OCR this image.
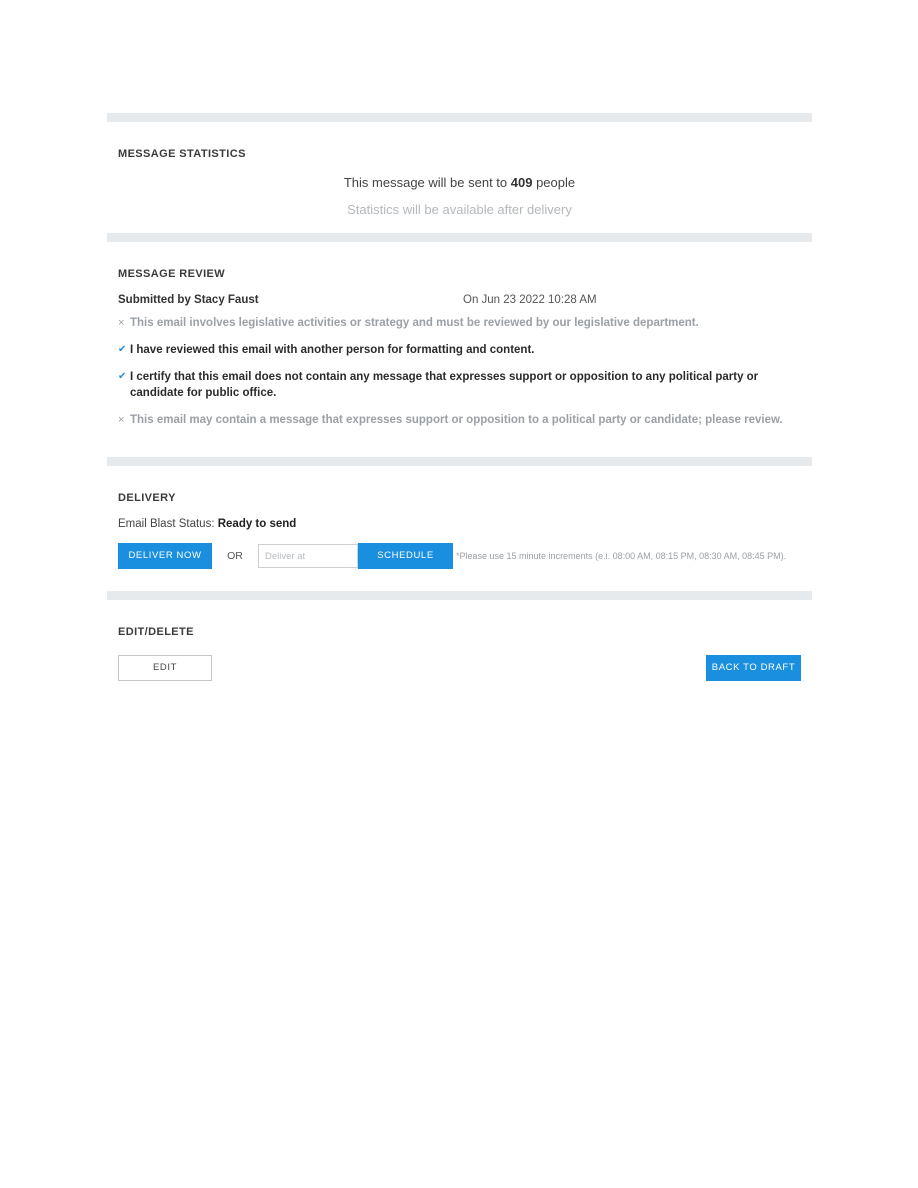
MESSAGE STATISTICS

This message will be sent to 409 people

Statistics will be available after delivery

MESSAGE REVIEW
Submitted by Stacy Faust	On Jun 23 2022 10:28 AM
× This email involves legislative activities or strategy and must be reviewed by our legislative department.
✔ I have reviewed this email with another person for formatting and content.
✔ I certify that this email does not contain any message that expresses support or opposition to any political party or candidate for public office.
× This email may contain a message that expresses support or opposition to a political party or candidate; please review.
DELIVERY
Email Blast Status: Ready to send
DELIVER NOW	OR
Deliver at	SCHEDULE DELIVERY
*Please use 15 minute increments (e.i. 08:00 AM, 08:15 PM, 08:30 AM, 08:45 PM).
EDIT/DELETE
EDIT	BACK TO DRAFT
